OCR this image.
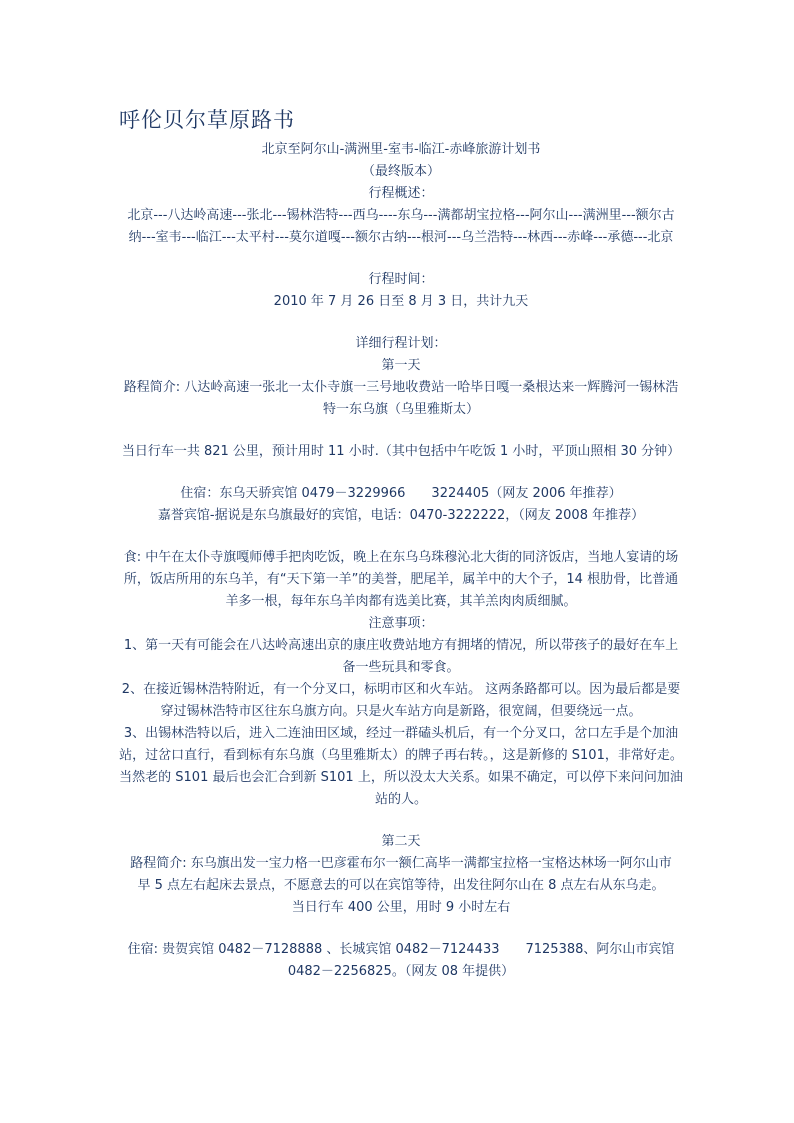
呼伦贝尔草原路书

北京至阿尔山-满洲里-室韦-临江-赤峰旅游计划书

（最终版本）

行程概述：

北京---八达岭高速---张北---锡林浩特---西乌----东乌---满都胡宝拉格---阿尔山---满洲里---额尔古纳---室韦---临江---太平村---莫尔道嘎---额尔古纳---根河---乌兰浩特---林西---赤峰---承德---北京

行程时间：

2010 年 7 月 26 日至 8 月 3 日，共计九天

详细行程计划：

第一天

路程简介: 八达岭高速一张北一太仆寺旗一三号地收费站一哈毕日嘎一桑根达来一辉腾河一锡林浩特一东乌旗（乌里雅斯太）

当日行车一共 821 公里，预计用时 11 小时.（其中包括中午吃饭 1 小时，平顶山照相 30 分钟）

住宿：东乌天骄宾馆 0479－3229966　　3224405（网友 2006 年推荐）

嘉誉宾馆-据说是东乌旗最好的宾馆，电话：0470-3222222，（网友 2008 年推荐）

食: 中午在太仆寺旗嘎师傅手把肉吃饭，晚上在东乌乌珠穆沁北大街的同济饭店，当地人宴请的场所，饭店所用的东乌羊，有“天下第一羊”的美誉，肥尾羊，属羊中的大个子，14 根肋骨，比普通羊多一根，每年东乌羊肉都有选美比赛，其羊羔肉肉质细腻。

注意事项：

1、第一天有可能会在八达岭高速出京的康庄收费站地方有拥堵的情况，所以带孩子的最好在车上备一些玩具和零食。

2、在接近锡林浩特附近，有一个分叉口，标明市区和火车站。 这两条路都可以。因为最后都是要穿过锡林浩特市区往东乌旗方向。只是火车站方向是新路，很宽阔，但要绕远一点。

3、出锡林浩特以后，进入二连油田区域，经过一群磕头机后，有一个分叉口，岔口左手是个加油站，过岔口直行，看到标有东乌旗（乌里雅斯太）的牌子再右转。，这是新修的 S101，非常好走。当然老的 S101 最后也会汇合到新 S101 上，所以没太大关系。如果不确定，可以停下来问问加油站的人。

第二天

路程简介: 东乌旗出发一宝力格一巴彦霍布尔一额仁高毕一满都宝拉格一宝格达林场一阿尔山市

早 5 点左右起床去景点，不愿意去的可以在宾馆等待，出发往阿尔山在 8 点左右从东乌走。

当日行车 400 公里，用时 9 小时左右

住宿: 贵贺宾馆 0482－7128888 、长城宾馆 0482－7124433　　7125388、阿尔山市宾馆 0482－2256825。（网友 08 年提供）
